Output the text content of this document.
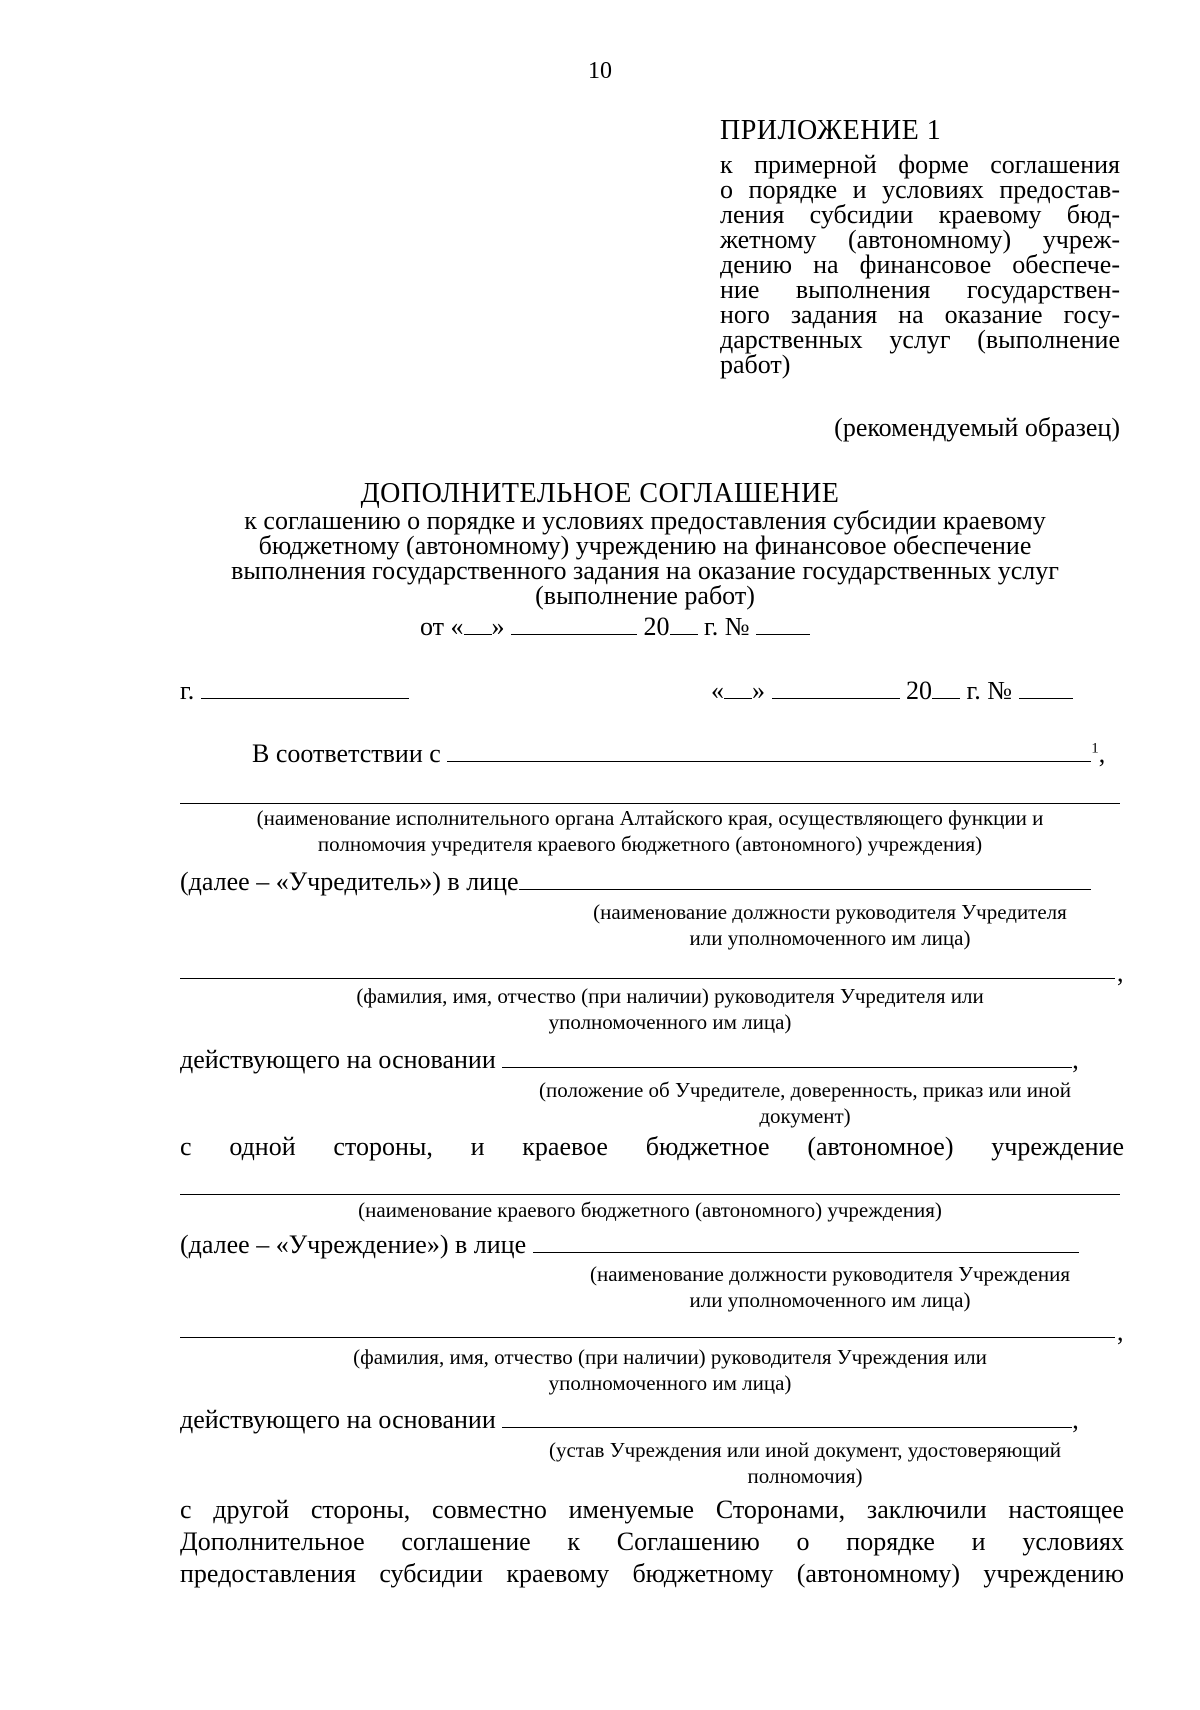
10
ПРИЛОЖЕНИЕ 1
к примерной форме соглашения
о порядке и условиях предостав-
ления субсидии краевому бюд-
жетному (автономному) учреж-
дению на финансовое обеспече-
ние выполнения государствен-
ного задания на оказание госу-
дарственных услуг (выполнение
работ)
(рекомендуемый образец)
ДОПОЛНИТЕЛЬНОЕ СОГЛАШЕНИЕ
к соглашению о порядке и условиях предоставления субсидии краевому
бюджетному (автономному) учреждению на финансовое обеспечение
выполнения государственного задания на оказание государственных услуг
(выполнение работ)
от « »	20 г. №
г.	« »	20 г. №
В соответствии с	$^1$,
(наименование исполнительного органа Алтайского края, осуществляющего функции и
полномочия учредителя краевого бюджетного (автономного) учреждения)
(далее – «Учредитель») в лице
(наименование должности руководителя Учредителя
или уполномоченного им лица)
,
(фамилия, имя, отчество (при наличии) руководителя Учредителя или
уполномоченного им лица)
действующего на основании	,
(положение об Учредителе, доверенность, приказ или иной
документ)
с одной стороны, и краевое бюджетное (автономное) учреждение
(наименование краевого бюджетного (автономного) учреждения)
(далее – «Учреждение») в лице
(наименование должности руководителя Учреждения
или уполномоченного им лица)
,
(фамилия, имя, отчество (при наличии) руководителя Учреждения или
уполномоченного им лица)
действующего на основании	,
(устав Учреждения или иной документ, удостоверяющий
полномочия)
с другой стороны, совместно именуемые Сторонами, заключили настоящее
Дополнительное соглашение к Соглашению о порядке и условиях
предоставления субсидии краевому бюджетному (автономному) учреждению
